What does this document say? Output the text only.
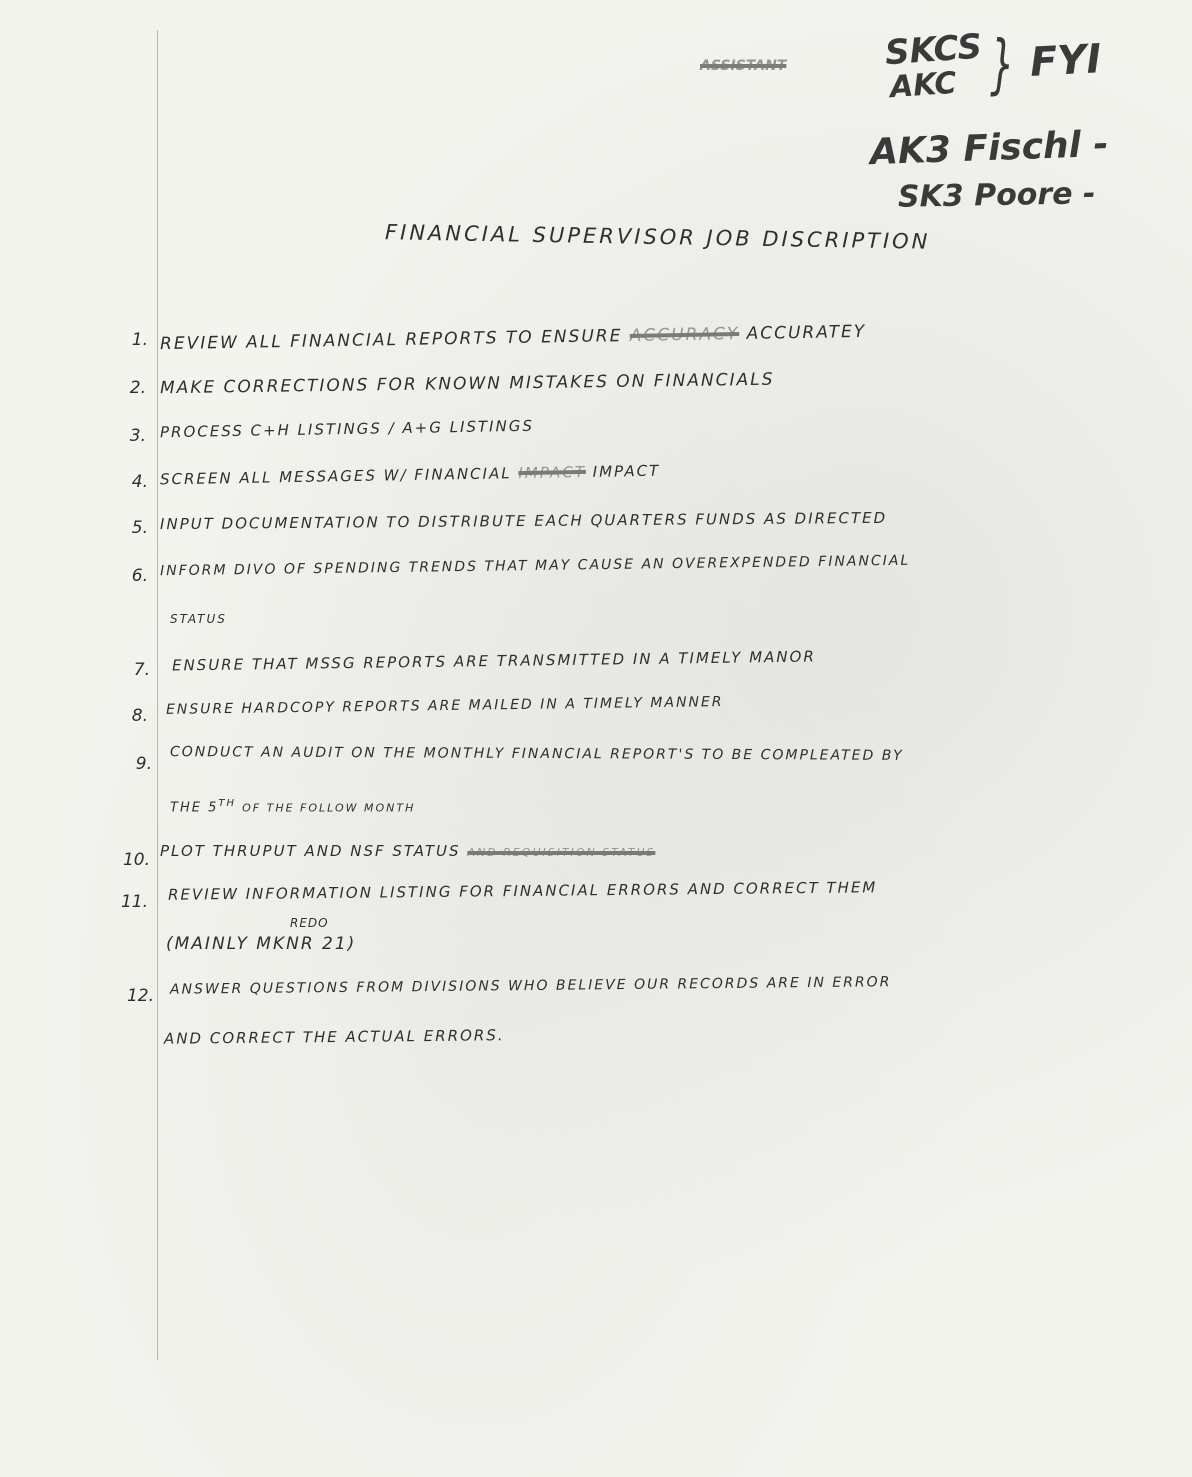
ASSISTANT	SKCS
AKC } FYI
AK3 Fischl -
SK3 Poore -
FINANCIAL SUPERVISOR JOB DISCRIPTION
1. REVIEW ALL FINANCIAL REPORTS TO ENSURE ACCURACY ACCURATEY
2. MAKE CORRECTIONS FOR KNOWN MISTAKES ON FINANCIALS
3. PROCESS C+H LISTINGS / A+G LISTINGS
4. SCREEN ALL MESSAGES W/ FINANCIAL IMPACT IMPACT
5. INPUT DOCUMENTATION TO DISTRIBUTE EACH QUARTERS FUNDS AS DIRECTED
6. INFORM DIVO OF SPENDING TRENDS THAT MAY CAUSE AN OVEREXPENDED FINANCIAL
STATUS
7. ENSURE THAT MSSG REPORTS ARE TRANSMITTED IN A TIMELY MANOR
8. ENSURE HARDCOPY REPORTS ARE MAILED IN A TIMELY MANNER
9. CONDUCT AN AUDIT ON THE MONTHLY FINANCIAL REPORT'S TO BE COMPLEATED BY
THE 5TH OF THE FOLLOW MONTH
10. PLOT THRUPUT AND NSF STATUS AND REQUISITION STATUS
11. REVIEW INFORMATION LISTING FOR FINANCIAL ERRORS AND CORRECT THEM
REDO
(MAINLY MKNR 21)
12. ANSWER QUESTIONS FROM DIVISIONS WHO BELIEVE OUR RECORDS ARE IN ERROR
AND CORRECT THE ACTUAL ERRORS.
